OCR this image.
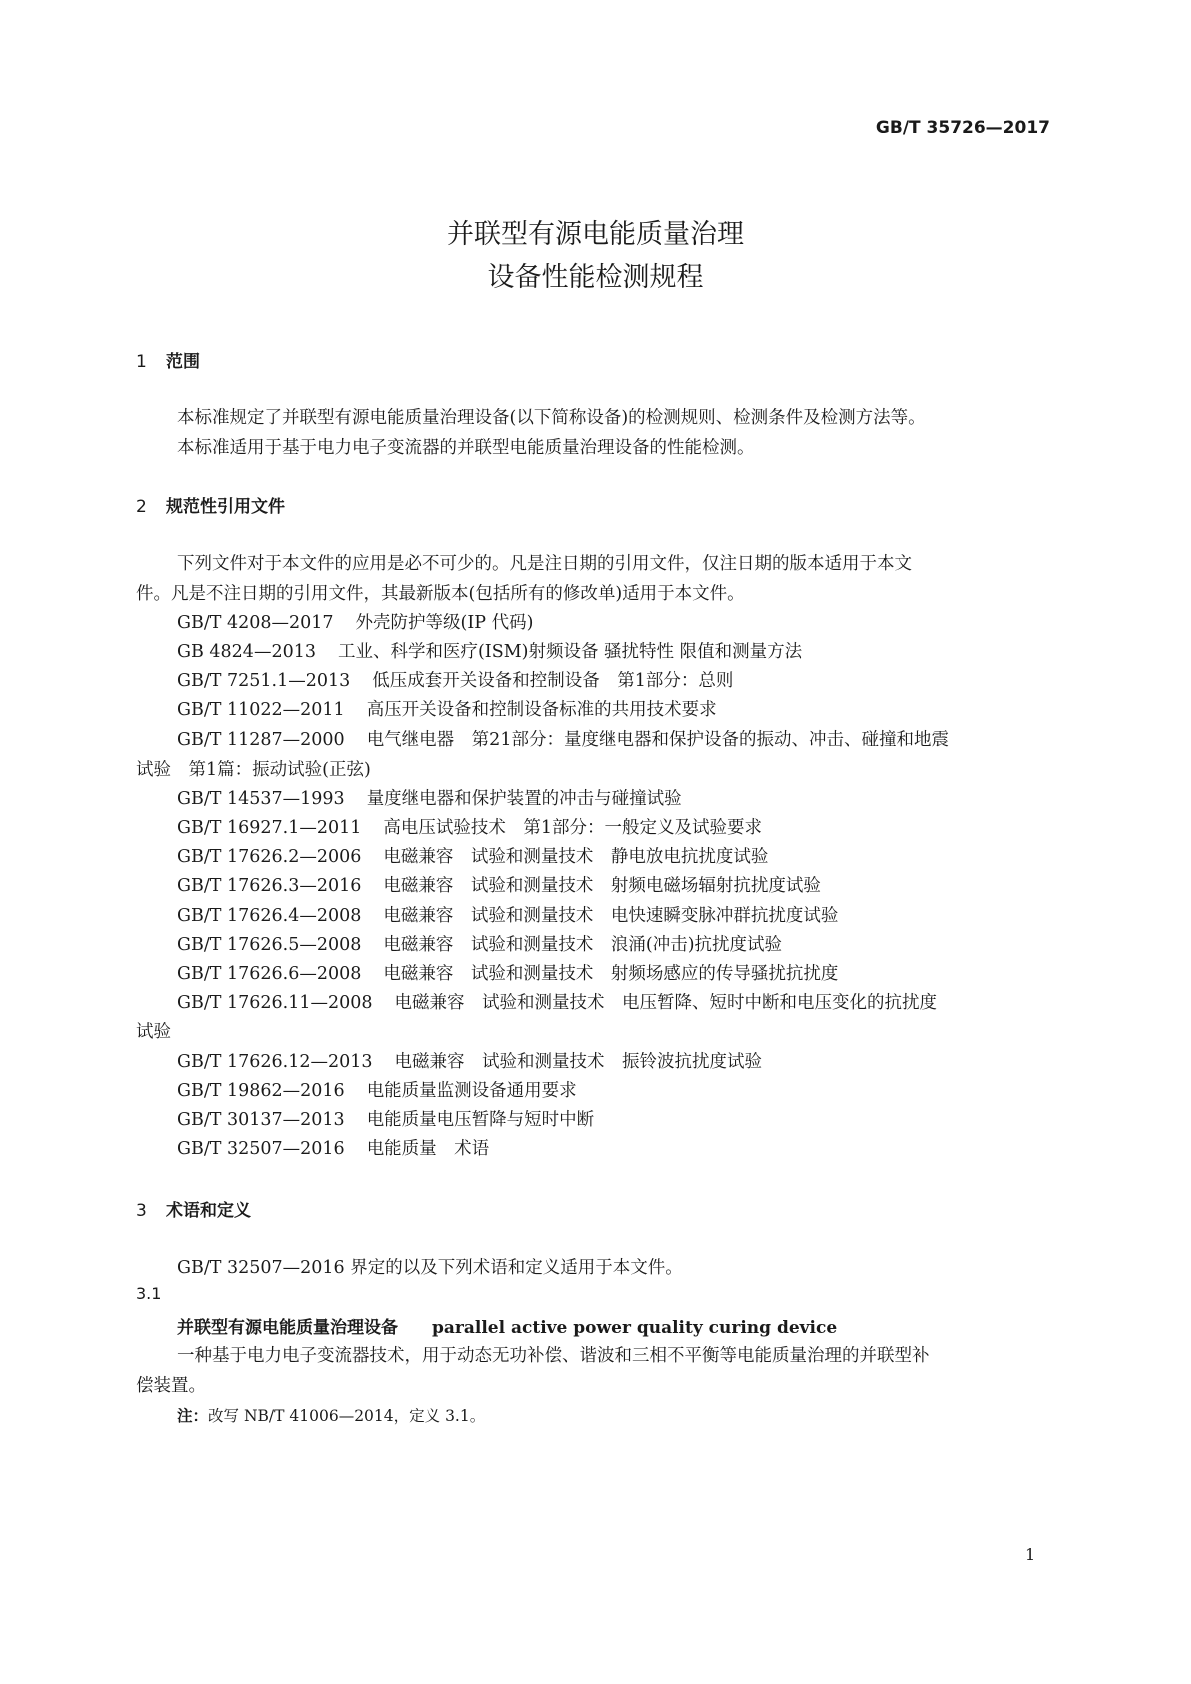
GB/T 35726—2017
并联型有源电能质量治理
设备性能检测规程
1 范围
本标准规定了并联型有源电能质量治理设备(以下简称设备)的检测规则、检测条件及检测方法等。
本标准适用于基于电力电子变流器的并联型电能质量治理设备的性能检测。
2 规范性引用文件
下列文件对于本文件的应用是必不可少的。凡是注日期的引用文件，仅注日期的版本适用于本文
件。凡是不注日期的引用文件，其最新版本(包括所有的修改单)适用于本文件。
GB/T 4208—2017 外壳防护等级(IP 代码)
GB 4824—2013 工业、科学和医疗(ISM)射频设备 骚扰特性 限值和测量方法
GB/T 7251.1—2013 低压成套开关设备和控制设备　第1部分：总则
GB/T 11022—2011 高压开关设备和控制设备标准的共用技术要求
GB/T 11287—2000 电气继电器　第21部分：量度继电器和保护设备的振动、冲击、碰撞和地震
试验　第1篇：振动试验(正弦)
GB/T 14537—1993 量度继电器和保护装置的冲击与碰撞试验
GB/T 16927.1—2011 高电压试验技术　第1部分：一般定义及试验要求
GB/T 17626.2—2006 电磁兼容　试验和测量技术　静电放电抗扰度试验
GB/T 17626.3—2016 电磁兼容　试验和测量技术　射频电磁场辐射抗扰度试验
GB/T 17626.4—2008 电磁兼容　试验和测量技术　电快速瞬变脉冲群抗扰度试验
GB/T 17626.5—2008 电磁兼容　试验和测量技术　浪涌(冲击)抗扰度试验
GB/T 17626.6—2008 电磁兼容　试验和测量技术　射频场感应的传导骚扰抗扰度
GB/T 17626.11—2008 电磁兼容　试验和测量技术　电压暂降、短时中断和电压变化的抗扰度
试验
GB/T 17626.12—2013 电磁兼容　试验和测量技术　振铃波抗扰度试验
GB/T 19862—2016 电能质量监测设备通用要求
GB/T 30137—2013 电能质量电压暂降与短时中断
GB/T 32507—2016 电能质量　术语
3 术语和定义
GB/T 32507—2016 界定的以及下列术语和定义适用于本文件。
3.1
并联型有源电能质量治理设备 parallel active power quality curing device
一种基于电力电子变流器技术，用于动态无功补偿、谐波和三相不平衡等电能质量治理的并联型补
偿装置。
注：改写 NB/T 41006—2014，定义 3.1。
1
